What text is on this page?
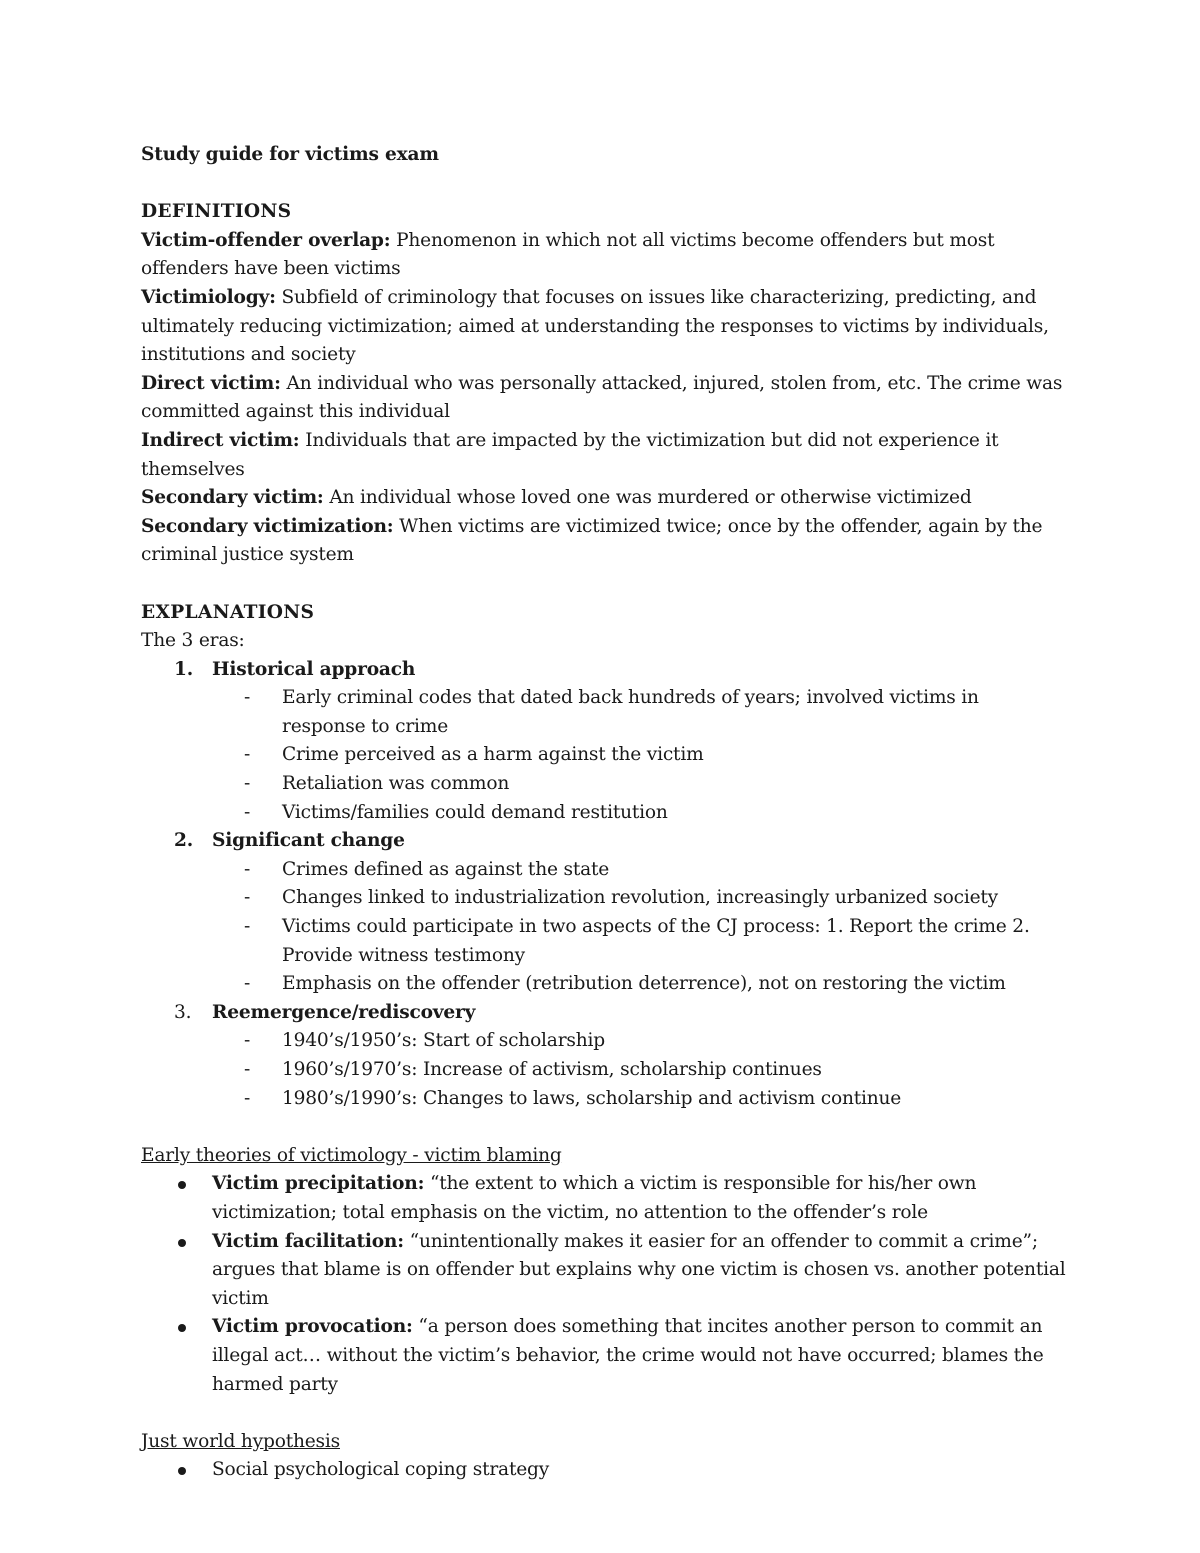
Study guide for victims exam

DEFINITIONS

Victim-offender overlap: Phenomenon in which not all victims become offenders but most offenders have been victims

Victimiology: Subfield of criminology that focuses on issues like characterizing, predicting, and ultimately reducing victimization; aimed at understanding the responses to victims by individuals, institutions and society

Direct victim: An individual who was personally attacked, injured, stolen from, etc. The crime was committed against this individual

Indirect victim: Individuals that are impacted by the victimization but did not experience it themselves

Secondary victim: An individual whose loved one was murdered or otherwise victimized

Secondary victimization: When victims are victimized twice; once by the offender, again by the criminal justice system

EXPLANATIONS

The 3 eras:

1.	Historical approach
- Early criminal codes that dated back hundreds of years; involved victims in response to crime
- Crime perceived as a harm against the victim
- Retaliation was common
- Victims/families could demand restitution
2.	Significant change
- Crimes defined as against the state
- Changes linked to industrialization revolution, increasingly urbanized society
- Victims could participate in two aspects of the CJ process: 1. Report the crime 2. Provide witness testimony
- Emphasis on the offender (retribution deterrence), not on restoring the victim
3.	Reemergence/rediscovery
- 1940’s/1950’s: Start of scholarship
- 1960’s/1970’s: Increase of activism, scholarship continues
- 1980’s/1990’s: Changes to laws, scholarship and activism continue

Early theories of victimology - victim blaming

Victim precipitation: “the extent to which a victim is responsible for his/her own victimization; total emphasis on the victim, no attention to the offender’s role
Victim facilitation: “unintentionally makes it easier for an offender to commit a crime”; argues that blame is on offender but explains why one victim is chosen vs. another potential victim
Victim provocation: “a person does something that incites another person to commit an illegal act… without the victim’s behavior, the crime would not have occurred; blames the harmed party

Just world hypothesis

Social psychological coping strategy
